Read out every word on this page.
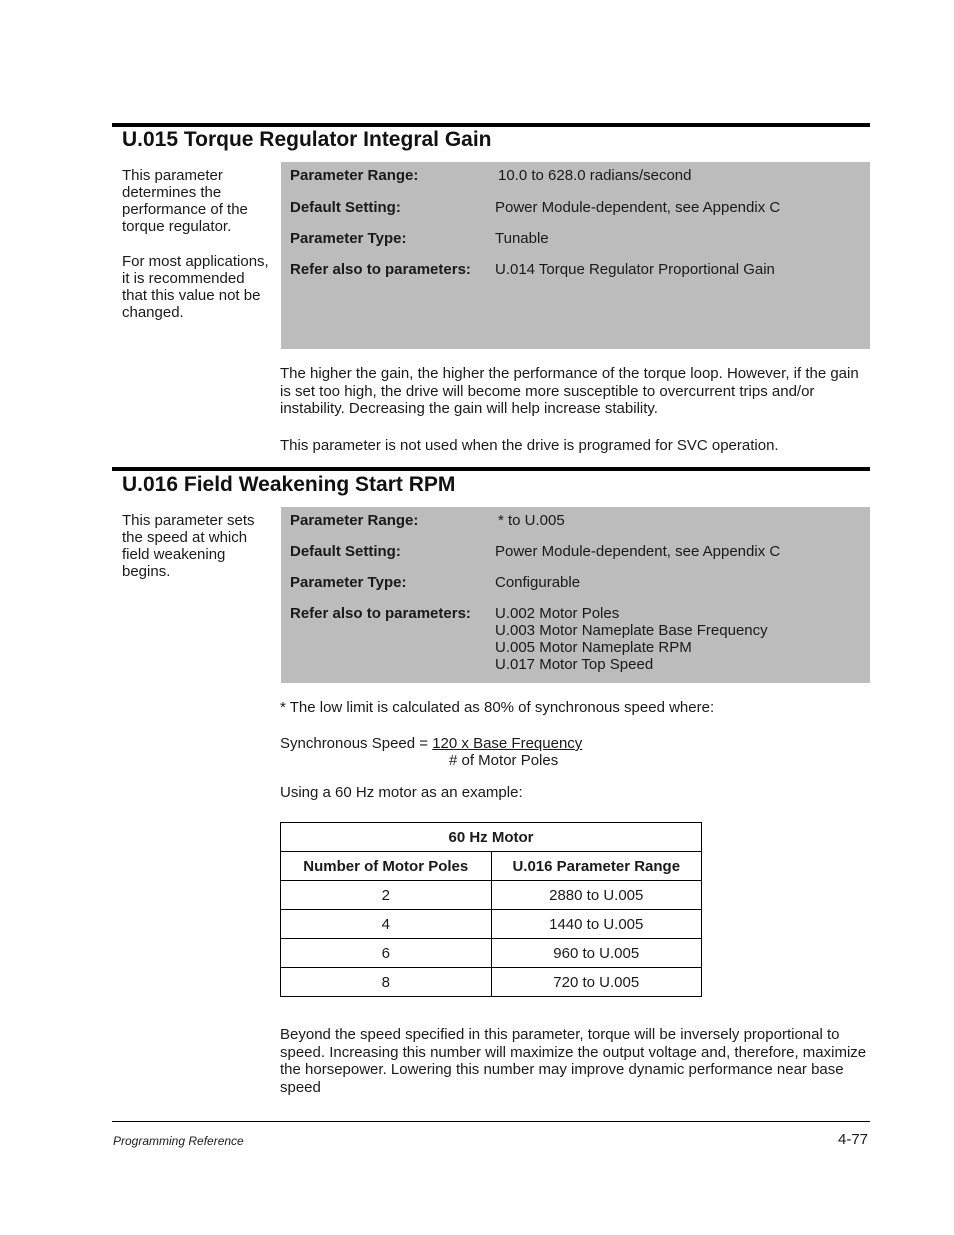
U.015 Torque Regulator Integral Gain

This parameter determines the performance of the torque regulator.

For most applications, it is recommended that this value not be changed.

Parameter Range:	10.0 to 628.0 radians/second
Default Setting:	Power Module-dependent, see Appendix C
Parameter Type:	Tunable
Refer also to parameters: U.014 Torque Regulator Proportional Gain

The higher the gain, the higher the performance of the torque loop. However, if the gain is set too high, the drive will become more susceptible to overcurrent trips and/or instability. Decreasing the gain will help increase stability.

This parameter is not used when the drive is programed for SVC operation.

U.016 Field Weakening Start RPM

This parameter sets the speed at which field weakening begins.

Parameter Range:	* to U.005
Default Setting:	Power Module-dependent, see Appendix C
Parameter Type:	Configurable
Refer also to parameters: U.002 Motor Poles
U.003 Motor Nameplate Base Frequency
U.005 Motor Nameplate RPM
U.017 Motor Top Speed
* The low limit is calculated as 80% of synchronous speed where:
Synchronous Speed = 120 x Base Frequency
# of Motor Poles
Using a 60 Hz motor as an example:
60 Hz Motor	
Number of Motor Poles	U.016 Parameter Range
2	2880 to U.005
4	1440 to U.005
6	960 to U.005
8	720 to U.005
Beyond the speed specified in this parameter, torque will be inversely proportional to speed. Increasing this number will maximize the output voltage and, therefore, maximize the horsepower. Lowering this number may improve dynamic performance near base speed
Programming Reference	4-77
